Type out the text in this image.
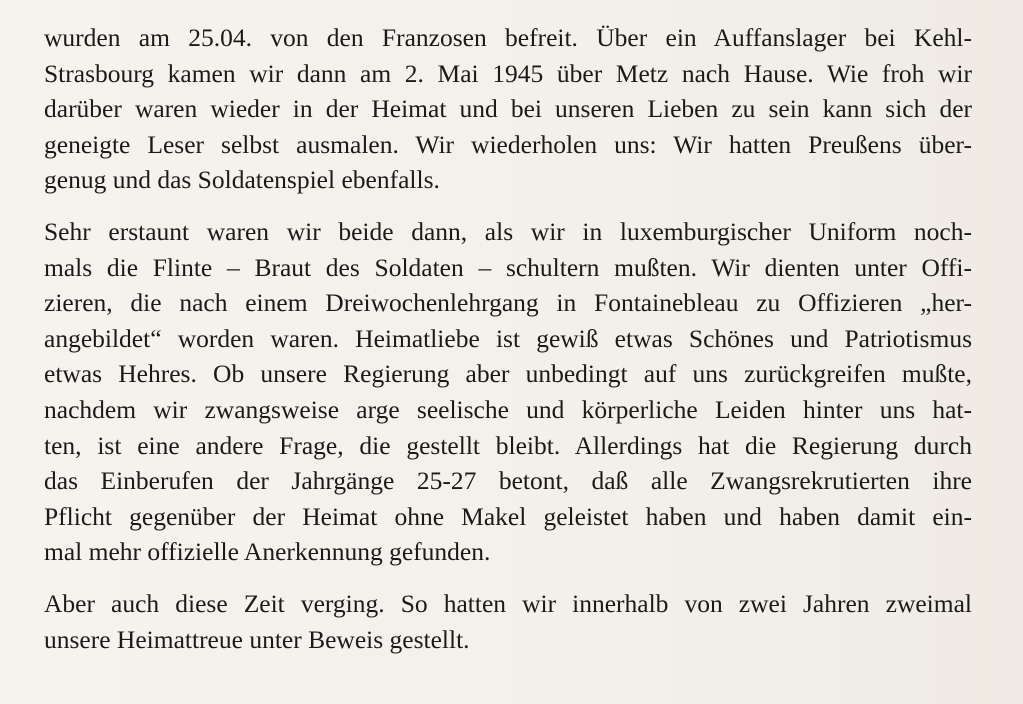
wurden am 25.04. von den Franzosen befreit. Über ein Auffanslager bei Kehl-
Strasbourg kamen wir dann am 2. Mai 1945 über Metz nach Hause. Wie froh wir
darüber waren wieder in der Heimat und bei unseren Lieben zu sein kann sich der
geneigte Leser selbst ausmalen. Wir wiederholen uns: Wir hatten Preußens über-
genug und das Soldatenspiel ebenfalls.

Sehr erstaunt waren wir beide dann, als wir in luxemburgischer Uniform noch-
mals die Flinte – Braut des Soldaten – schultern mußten. Wir dienten unter Offi-
zieren, die nach einem Dreiwochenlehrgang in Fontainebleau zu Offizieren „her-
angebildet“ worden waren. Heimatliebe ist gewiß etwas Schönes und Patriotismus
etwas Hehres. Ob unsere Regierung aber unbedingt auf uns zurückgreifen mußte,
nachdem wir zwangsweise arge seelische und körperliche Leiden hinter uns hat-
ten, ist eine andere Frage, die gestellt bleibt. Allerdings hat die Regierung durch
das Einberufen der Jahrgänge 25-27 betont, daß alle Zwangsrekrutierten ihre
Pflicht gegenüber der Heimat ohne Makel geleistet haben und haben damit ein-
mal mehr offizielle Anerkennung gefunden.

Aber auch diese Zeit verging. So hatten wir innerhalb von zwei Jahren zweimal
unsere Heimattreue unter Beweis gestellt.
